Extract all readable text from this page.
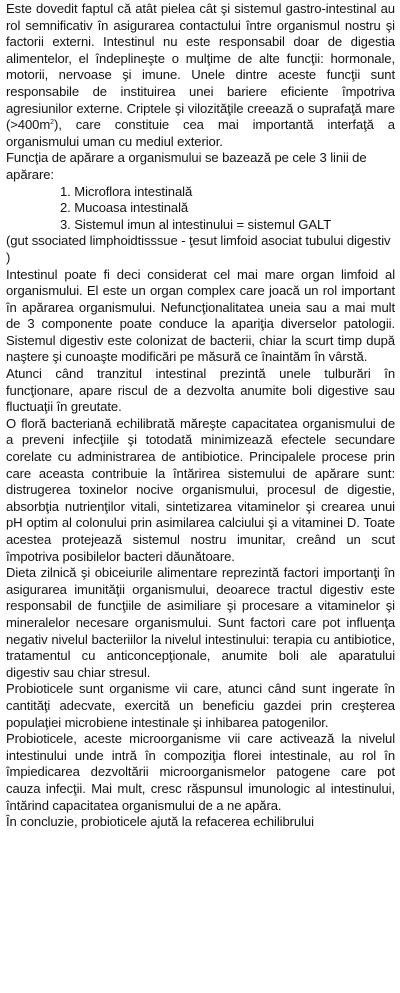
Este dovedit faptul că atât pielea cât şi sistemul gastro-intestinal au rol semnificativ în asigurarea contactului între organismul nostru şi factorii externi. Intestinul nu este responsabil doar de digestia alimentelor, el îndeplineşte o mulţime de alte funcţii: hormonale, motorii, nervoase şi imune. Unele dintre aceste funcţii sunt responsabile de instituirea unei bariere eficiente împotriva agresiunilor externe. Criptele şi vilozităţile creează o suprafaţă mare $(>400m^2)$, care constituie cea mai importantă interfaţă a organismului uman cu mediul exterior.

Funcţia de apărare a organismului se bazează pe cele 3 linii de apărare:

1. Microflora intestinală
2. Mucoasa intestinală
3. Sistemul imun al intestinului = sistemul GALT

(gut ssociated limphoidtisssue - ţesut limfoid asociat tubului digestiv )

Intestinul poate fi deci considerat cel mai mare organ limfoid al organismului. El este un organ complex care joacă un rol important în apărarea organismului. Nefuncţionalitatea uneia sau a mai mult de 3 componente poate conduce la apariţia diverselor patologii. Sistemul digestiv este colonizat de bacterii, chiar la scurt timp după naştere şi cunoaşte modificări pe măsură ce înaintăm în vârstă.

Atunci când tranzitul intestinal prezintă unele tulburări în funcţionare, apare riscul de a dezvolta anumite boli digestive sau fluctuaţii în greutate.

O floră bacteriană echilibrată măreşte capacitatea organismului de a preveni infecţiile şi totodată minimizează efectele secundare corelate cu administrarea de antibiotice. Principalele procese prin care aceasta contribuie la întărirea sistemului de apărare sunt: distrugerea toxinelor nocive organismului, procesul de digestie, absorbţia nutrienţilor vitali, sintetizarea vitaminelor şi crearea unui pH optim al colonului prin asimilarea calciului şi a vitaminei D. Toate acestea protejează sistemul nostru imunitar, creând un scut împotriva posibilelor bacteri dăunătoare.

Dieta zilnică şi obiceiurile alimentare reprezintă factori importanţi în asigurarea imunităţii organismului, deoarece tractul digestiv este responsabil de funcţiile de asimiliare şi procesare a vitaminelor şi mineralelor necesare organismului. Sunt factori care pot influenţa negativ nivelul bacteriilor la nivelul intestinului: terapia cu antibiotice, tratamentul cu anticoncepţionale, anumite boli ale aparatului digestiv sau chiar stresul.

Probioticele sunt organisme vii care, atunci când sunt ingerate în cantităţi adecvate, exercită un beneficiu gazdei prin creşterea populaţiei microbiene intestinale şi inhibarea patogenilor.

Probioticele, aceste microorganisme vii care activează la nivelul intestinului unde intră în compoziţia florei intestinale, au rol în împiedicarea dezvoltării microorganismelor patogene care pot cauza infecţii. Mai mult, cresc răspunsul imunologic al intestinului, întărind capacitatea organismului de a ne apăra.

În concluzie, probioticele ajută la refacerea echilibrului
